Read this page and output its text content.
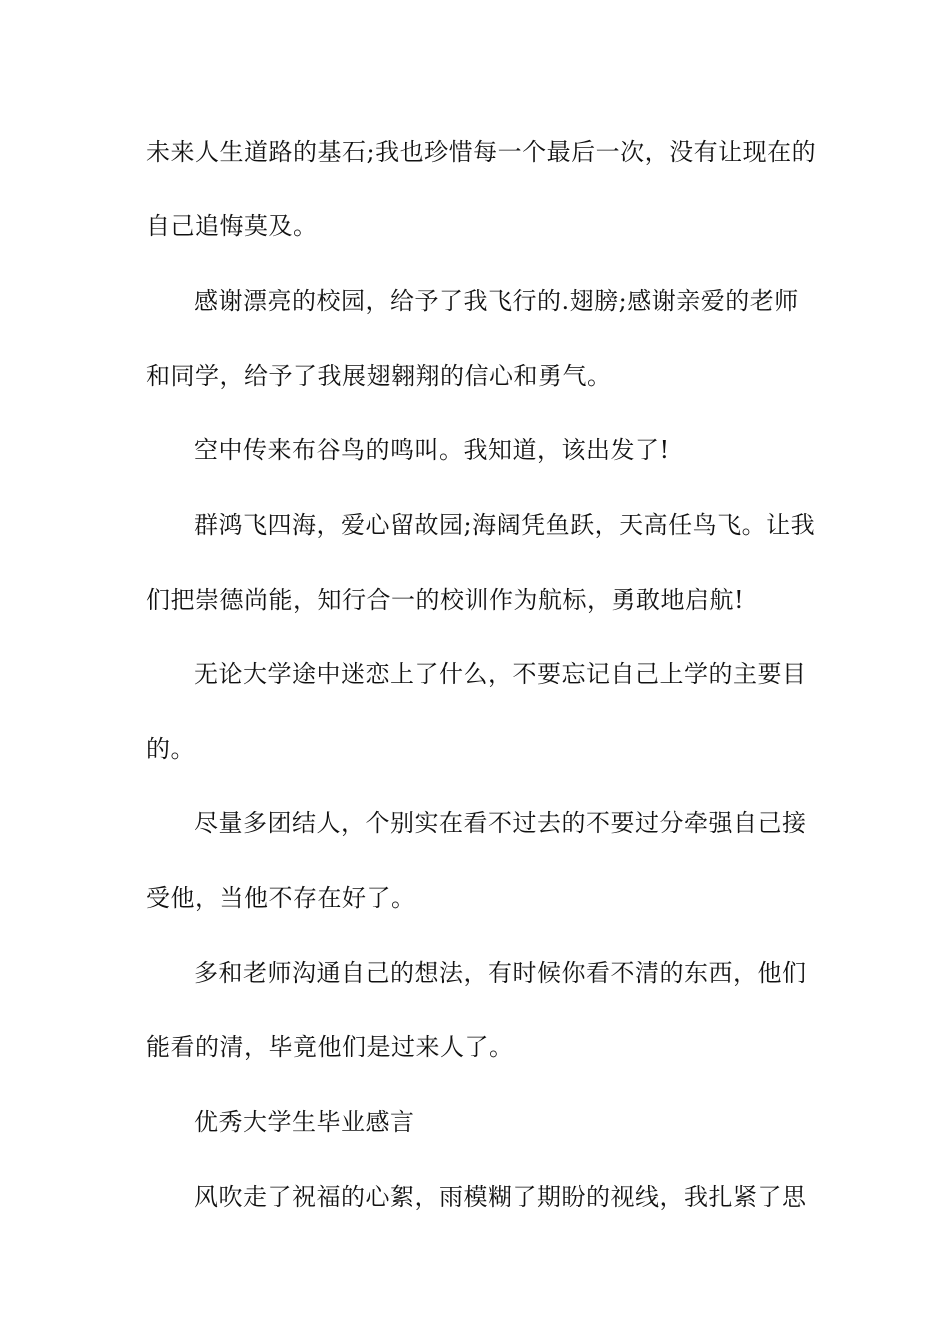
未来人生道路的基石;我也珍惜每一个最后一次，没有让现在的
自己追悔莫及。
感谢漂亮的校园，给予了我飞行的.翅膀;感谢亲爱的老师
和同学，给予了我展翅翱翔的信心和勇气。
空中传来布谷鸟的鸣叫。我知道，该出发了!
群鸿飞四海，爱心留故园;海阔凭鱼跃，天高任鸟飞。让我
们把崇德尚能，知行合一的校训作为航标，勇敢地启航!
无论大学途中迷恋上了什么，不要忘记自己上学的主要目
的。
尽量多团结人，个别实在看不过去的不要过分牵强自己接
受他，当他不存在好了。
多和老师沟通自己的想法，有时候你看不清的东西，他们
能看的清，毕竟他们是过来人了。
优秀大学生毕业感言
风吹走了祝福的心絮，雨模糊了期盼的视线，我扎紧了思
